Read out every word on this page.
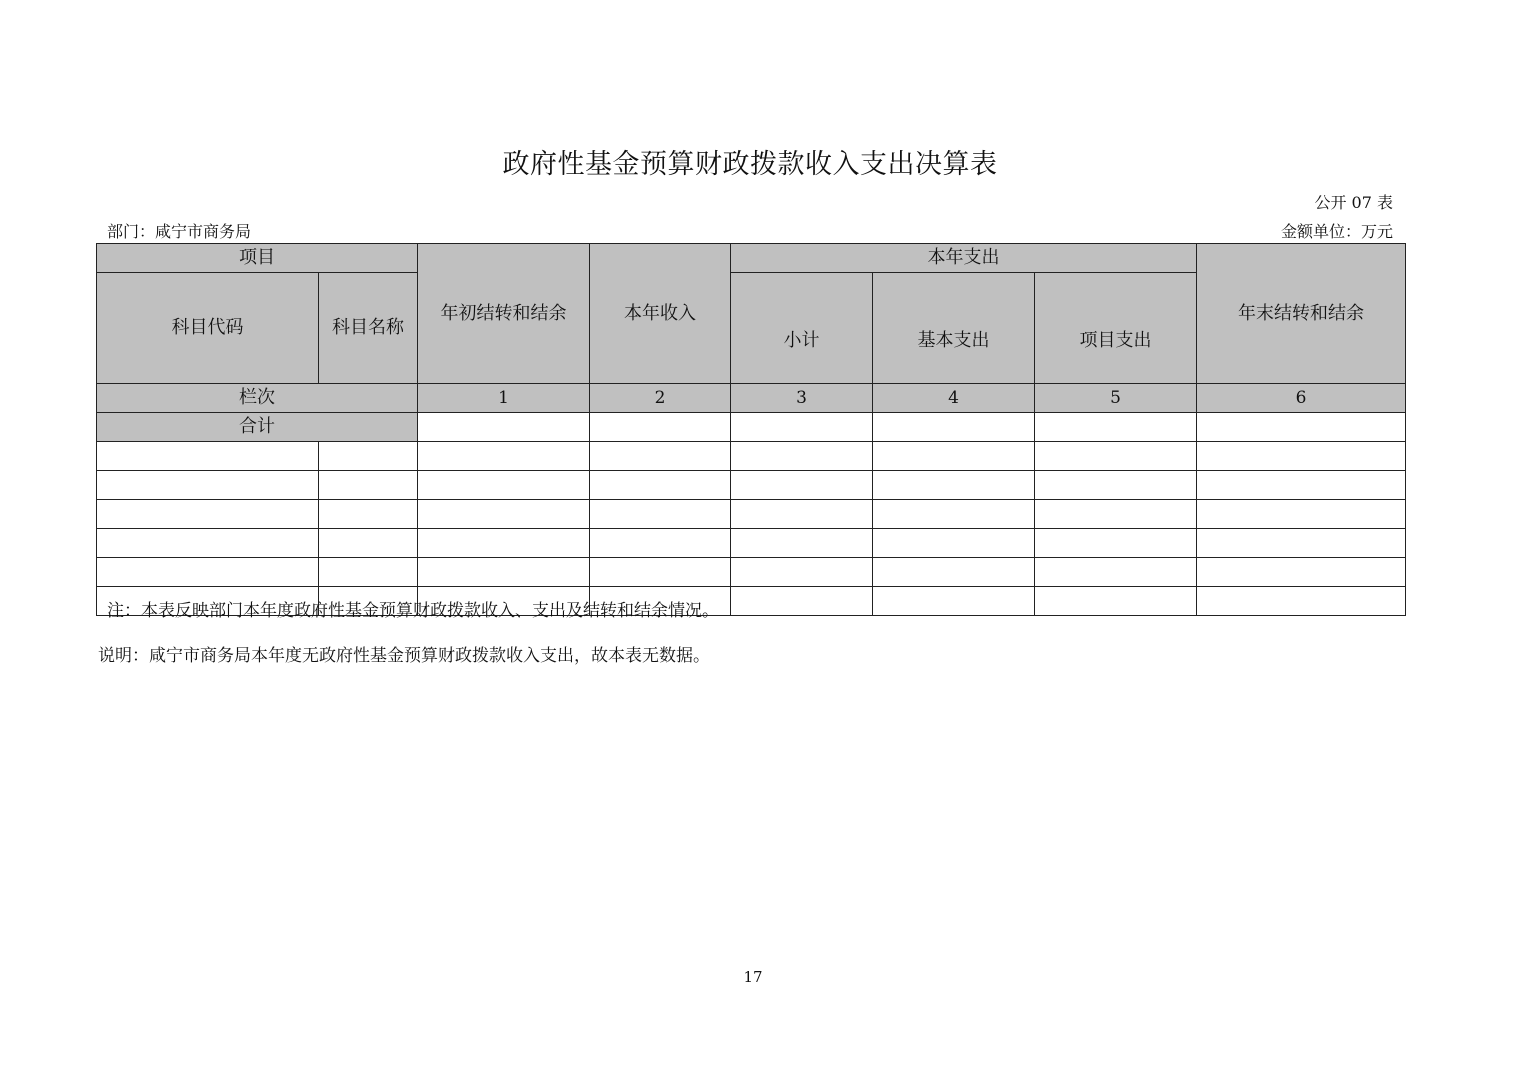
政府性基金预算财政拨款收入支出决算表
公开 07 表
部门：咸宁市商务局	金额单位：万元
项目		年初结转和结余	本年收入	本年支出			年末结转和结余
科目代码	科目名称			小计	基本支出	项目支出	
栏次		1	2	3	4	5	6
合计							

注：本表反映部门本年度政府性基金预算财政拨款收入、支出及结转和结余情况。
说明：咸宁市商务局本年度无政府性基金预算财政拨款收入支出，故本表无数据。
17
